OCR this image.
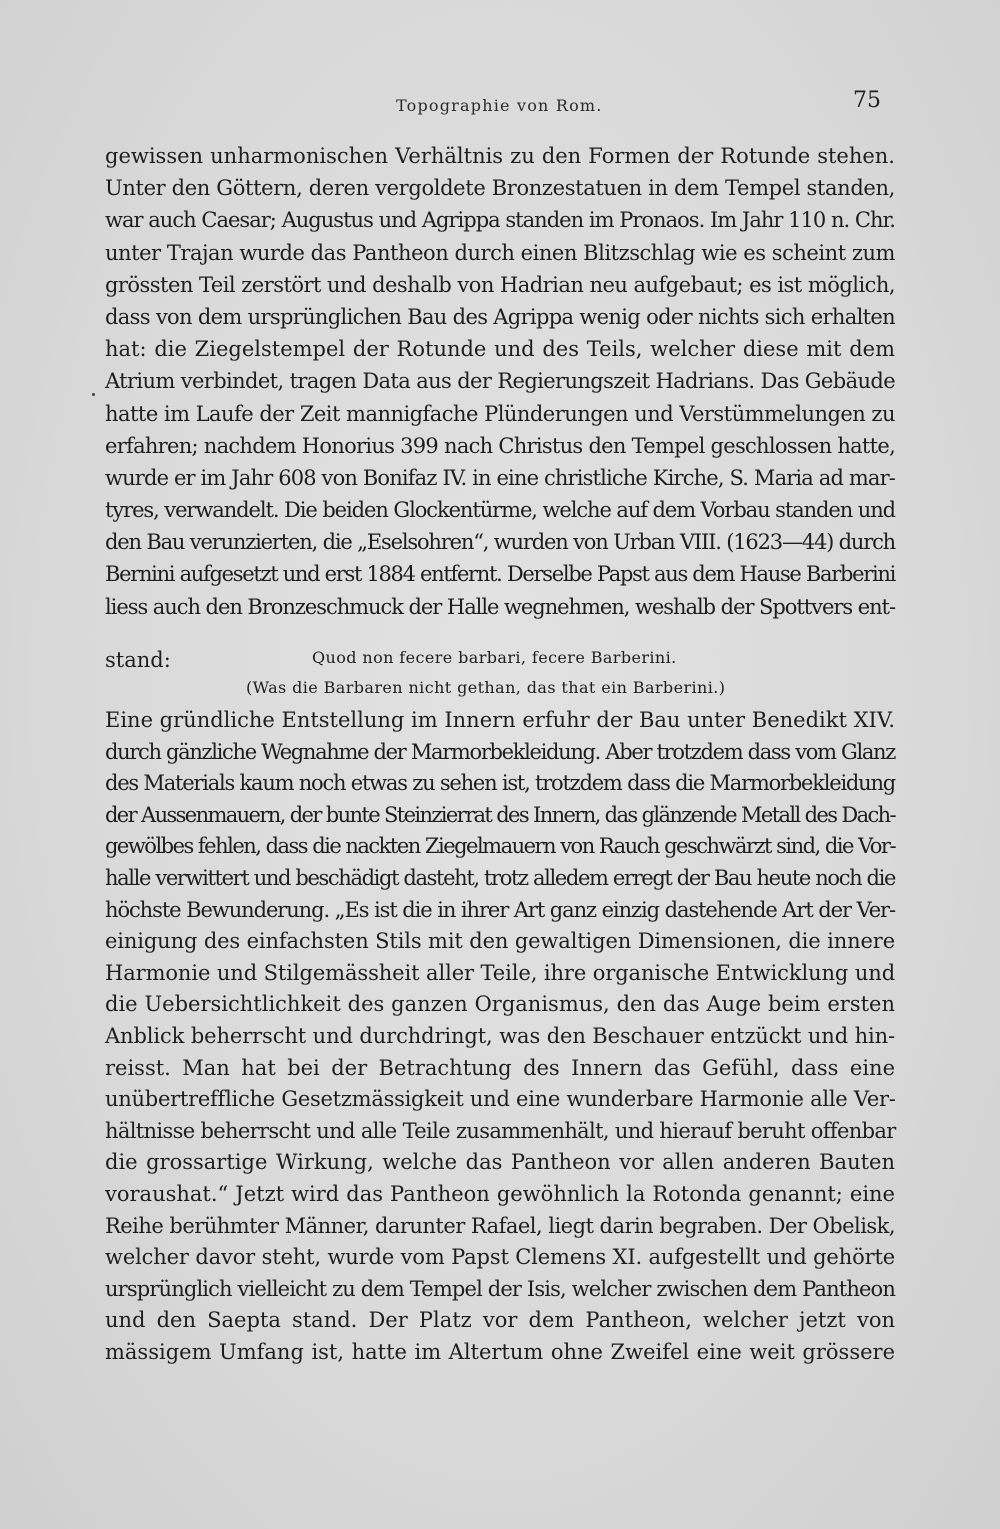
Topographie von Rom.	75
gewissen unharmonischen Verhältnis zu den Formen der Rotunde stehen.
Unter den Göttern, deren vergoldete Bronzestatuen in dem Tempel standen,
war auch Caesar; Augustus und Agrippa standen im Pronaos. Im Jahr 110 n. Chr.
unter Trajan wurde das Pantheon durch einen Blitzschlag wie es scheint zum
grössten Teil zerstört und deshalb von Hadrian neu aufgebaut; es ist möglich,
dass von dem ursprünglichen Bau des Agrippa wenig oder nichts sich erhalten
hat: die Ziegelstempel der Rotunde und des Teils, welcher diese mit dem
Atrium verbindet, tragen Data aus der Regierungszeit Hadrians. Das Gebäude
hatte im Laufe der Zeit mannigfache Plünderungen und Verstümmelungen zu
erfahren; nachdem Honorius 399 nach Christus den Tempel geschlossen hatte,
wurde er im Jahr 608 von Bonifaz IV. in eine christliche Kirche, S. Maria ad mar-
tyres, verwandelt. Die beiden Glockentürme, welche auf dem Vorbau standen und
den Bau verunzierten, die „Eselsohren“, wurden von Urban VIII. (1623—44) durch
Bernini aufgesetzt und erst 1884 entfernt. Derselbe Papst aus dem Hause Barberini
liess auch den Bronzeschmuck der Halle wegnehmen, weshalb der Spottvers ent-
stand:	Quod non fecere barbari, fecere Barberini.
(Was die Barbaren nicht gethan, das that ein Barberini.)
Eine gründliche Entstellung im Innern erfuhr der Bau unter Benedikt XIV.
durch gänzliche Wegnahme der Marmorbekleidung. Aber trotzdem dass vom Glanz
des Materials kaum noch etwas zu sehen ist, trotzdem dass die Marmorbekleidung
der Aussenmauern, der bunte Steinzierrat des Innern, das glänzende Metall des Dach-
gewölbes fehlen, dass die nackten Ziegelmauern von Rauch geschwärzt sind, die Vor-
halle verwittert und beschädigt dasteht, trotz alledem erregt der Bau heute noch die
höchste Bewunderung. „Es ist die in ihrer Art ganz einzig dastehende Art der Ver-
einigung des einfachsten Stils mit den gewaltigen Dimensionen, die innere
Harmonie und Stilgemässheit aller Teile, ihre organische Entwicklung und
die Uebersichtlichkeit des ganzen Organismus, den das Auge beim ersten
Anblick beherrscht und durchdringt, was den Beschauer entzückt und hin-
reisst. Man hat bei der Betrachtung des Innern das Gefühl, dass eine
unübertreffliche Gesetzmässigkeit und eine wunderbare Harmonie alle Ver-
hältnisse beherrscht und alle Teile zusammenhält, und hierauf beruht offenbar
die grossartige Wirkung, welche das Pantheon vor allen anderen Bauten
voraushat.“ Jetzt wird das Pantheon gewöhnlich la Rotonda genannt; eine
Reihe berühmter Männer, darunter Rafael, liegt darin begraben. Der Obelisk,
welcher davor steht, wurde vom Papst Clemens XI. aufgestellt und gehörte
ursprünglich vielleicht zu dem Tempel der Isis, welcher zwischen dem Pantheon
und den Saepta stand. Der Platz vor dem Pantheon, welcher jetzt von
mässigem Umfang ist, hatte im Altertum ohne Zweifel eine weit grössere
